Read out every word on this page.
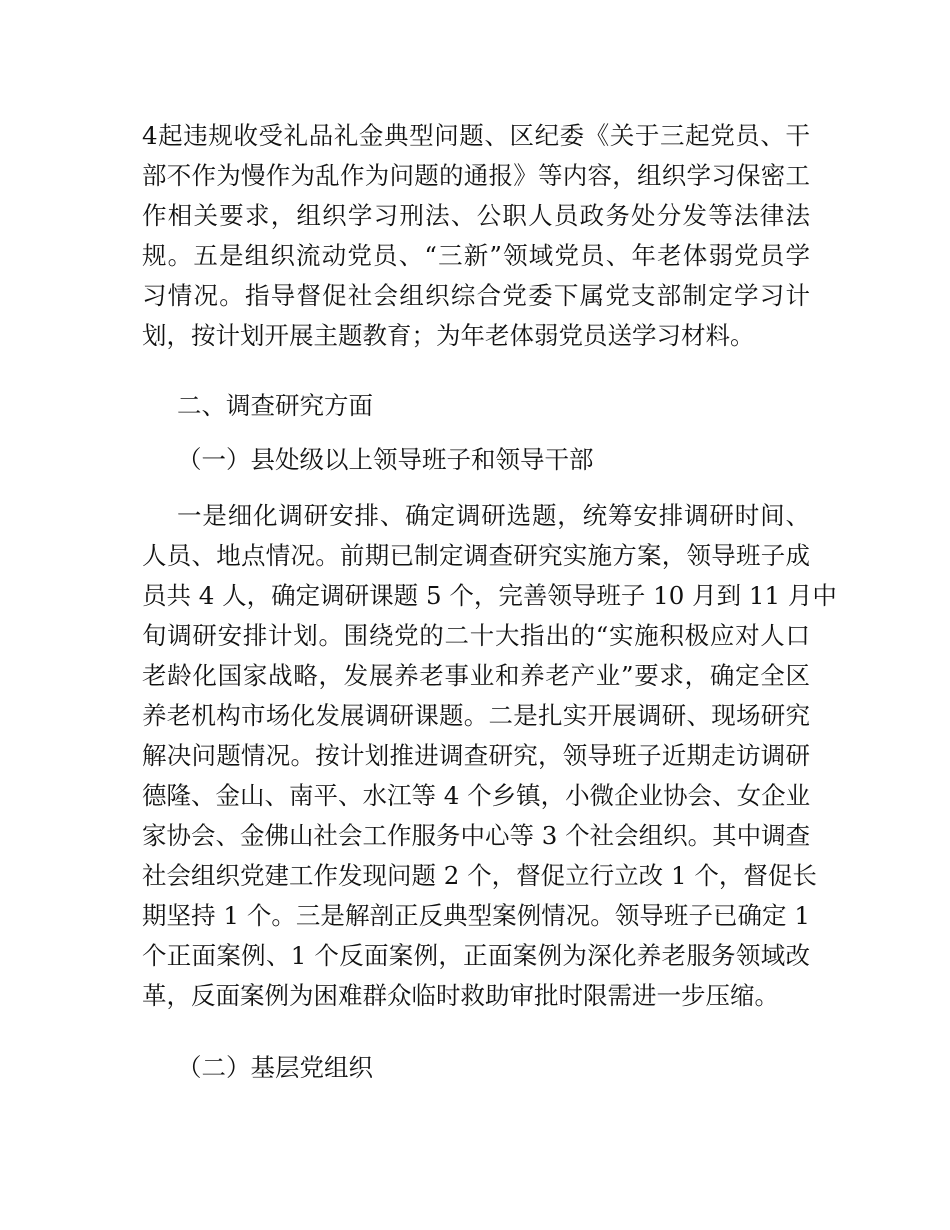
4起违规收受礼品礼金典型问题、区纪委《关于三起党员、干
部不作为慢作为乱作为问题的通报》等内容，组织学习保密工
作相关要求，组织学习刑法、公职人员政务处分发等法律法
规。五是组织流动党员、“三新”领域党员、年老体弱党员学
习情况。指导督促社会组织综合党委下属党支部制定学习计
划，按计划开展主题教育；为年老体弱党员送学习材料。
二、调查研究方面
（一）县处级以上领导班子和领导干部
一是细化调研安排、确定调研选题，统筹安排调研时间、
人员、地点情况。前期已制定调查研究实施方案，领导班子成
员共 4 人，确定调研课题 5 个，完善领导班子 10 月到 11 月中
旬调研安排计划。围绕党的二十大指出的“实施积极应对人口
老龄化国家战略，发展养老事业和养老产业”要求，确定全区
养老机构市场化发展调研课题。二是扎实开展调研、现场研究
解决问题情况。按计划推进调查研究，领导班子近期走访调研
德隆、金山、南平、水江等 4 个乡镇，小微企业协会、女企业
家协会、金佛山社会工作服务中心等 3 个社会组织。其中调查
社会组织党建工作发现问题 2 个，督促立行立改 1 个，督促长
期坚持 1 个。三是解剖正反典型案例情况。领导班子已确定 1
个正面案例、1 个反面案例，正面案例为深化养老服务领域改
革，反面案例为困难群众临时救助审批时限需进一步压缩。
（二）基层党组织
